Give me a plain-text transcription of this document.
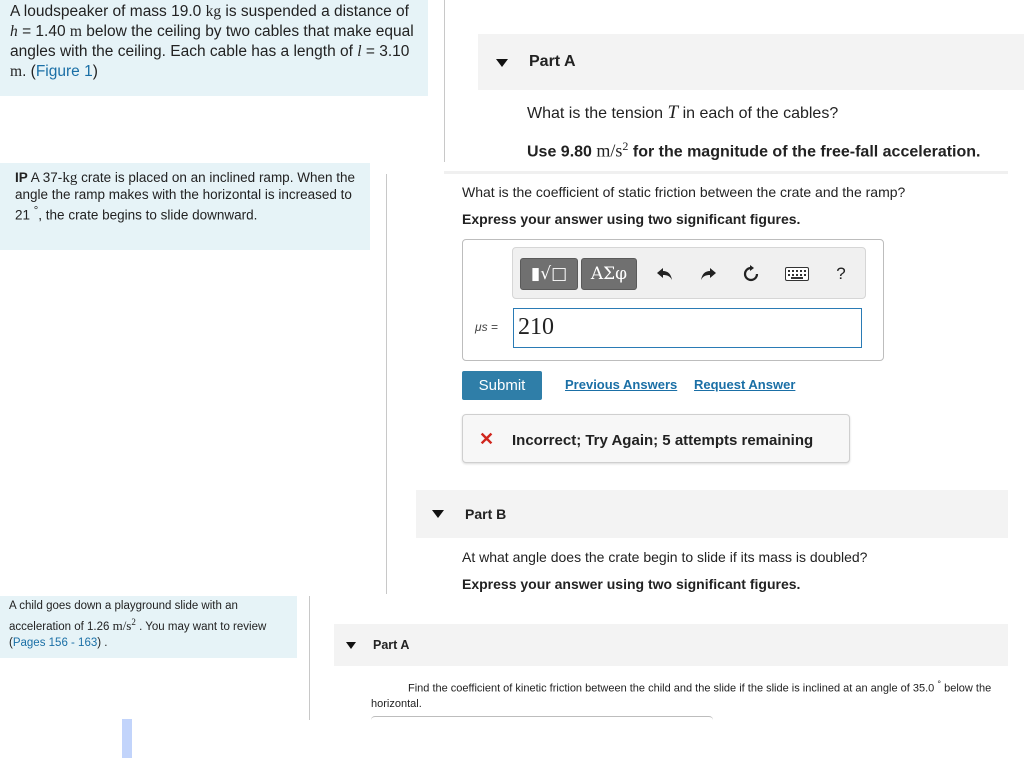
A loudspeaker of mass 19.0 kg is suspended a distance of h = 1.40 m below the ceiling by two cables that make equal angles with the ceiling. Each cable has a length of l = 3.10 m. (Figure 1)
Part A
What is the tension T in each of the cables?
Use 9.80 $m/s^2$ for the magnitude of the free-fall acceleration.
IP A 37-kg crate is placed on an inclined ramp. When the angle the ramp makes with the horizontal is increased to 21 °, the crate begins to slide downward.
What is the coefficient of static friction between the crate and the ramp?
Express your answer using two significant figures.
▮√□	ΑΣφ	?
μs = 210
Submit	Previous Answers Request Answer
✕ Incorrect; Try Again; 5 attempts remaining
Part B
At what angle does the crate begin to slide if its mass is doubled?
Express your answer using two significant figures.
A child goes down a playground slide with an acceleration of 1.26 $m/s^2$ . You may want to review (Pages 156 - 163) .	Part A
Find the coefficient of kinetic friction between the child and the slide if the slide is inclined at an angle of 35.0 ° below the horizontal.
